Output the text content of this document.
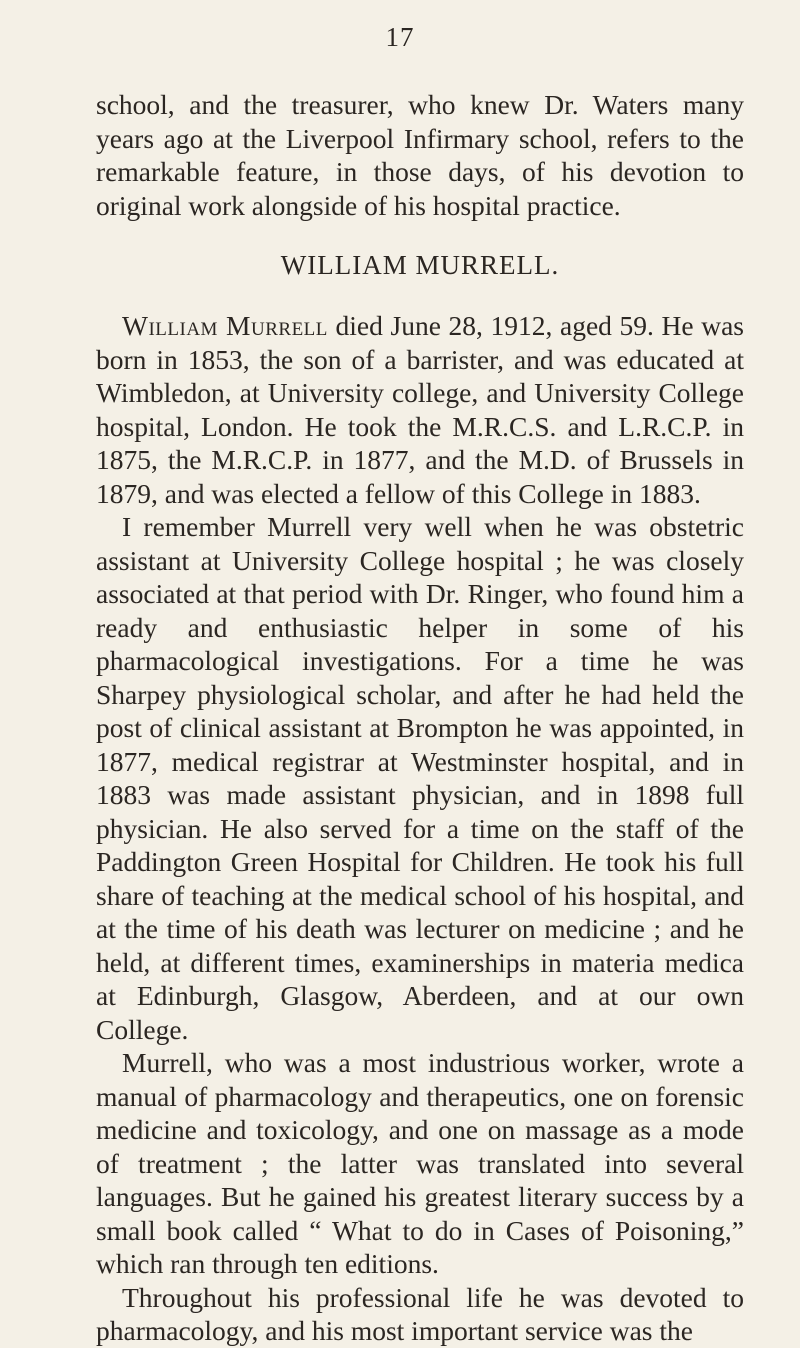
17

school, and the treasurer, who knew Dr. Waters many years ago at the Liverpool Infirmary school, refers to the remarkable feature, in those days, of his devotion to original work alongside of his hospital practice.

WILLIAM MURRELL.

William Murrell died June 28, 1912, aged 59. He was born in 1853, the son of a barrister, and was educated at Wimbledon, at University college, and University College hospital, London. He took the M.R.C.S. and L.R.C.P. in 1875, the M.R.C.P. in 1877, and the M.D. of Brussels in 1879, and was elected a fellow of this College in 1883.

I remember Murrell very well when he was obstetric assistant at University College hospital ; he was closely associated at that period with Dr. Ringer, who found him a ready and enthusiastic helper in some of his pharmacological investigations. For a time he was Sharpey physiological scholar, and after he had held the post of clinical assistant at Brompton he was appointed, in 1877, medical registrar at Westminster hospital, and in 1883 was made assistant physician, and in 1898 full physician. He also served for a time on the staff of the Paddington Green Hospital for Children. He took his full share of teaching at the medical school of his hospital, and at the time of his death was lecturer on medicine ; and he held, at different times, examinerships in materia medica at Edinburgh, Glasgow, Aberdeen, and at our own College.

Murrell, who was a most industrious worker, wrote a manual of pharmacology and therapeutics, one on forensic medicine and toxicology, and one on massage as a mode of treatment ; the latter was translated into several languages. But he gained his greatest literary success by a small book called “ What to do in Cases of Poisoning,” which ran through ten editions.

Throughout his professional life he was devoted to pharmacology, and his most important service was the
